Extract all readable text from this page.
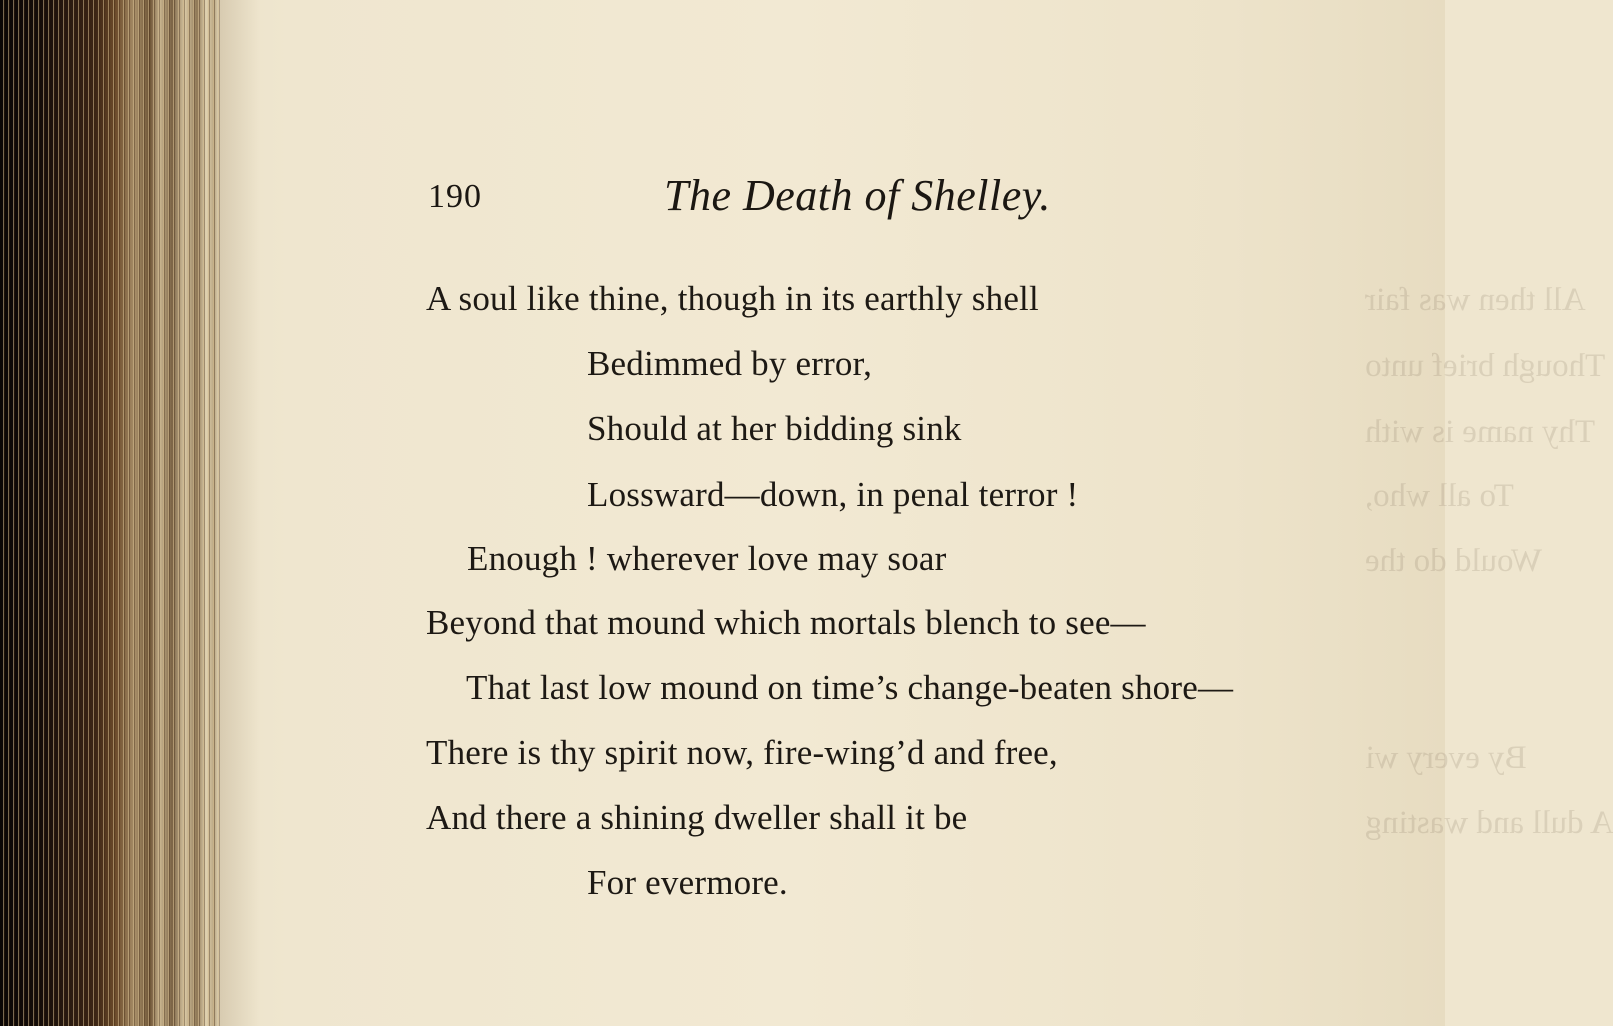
All then was fair
Though brief unto
Thy name is with
To all who,
Would do the
By every wi
A dull and wasting
190	The Death of Shelley.
A soul like thine, though in its earthly shell
Bedimmed by error,
Should at her bidding sink
Lossward—down, in penal terror !
Enough ! wherever love may soar
Beyond that mound which mortals blench to see—
That last low mound on time’s change-beaten shore—
There is thy spirit now, fire-wing’d and free,
And there a shining dweller shall it be
For evermore.
